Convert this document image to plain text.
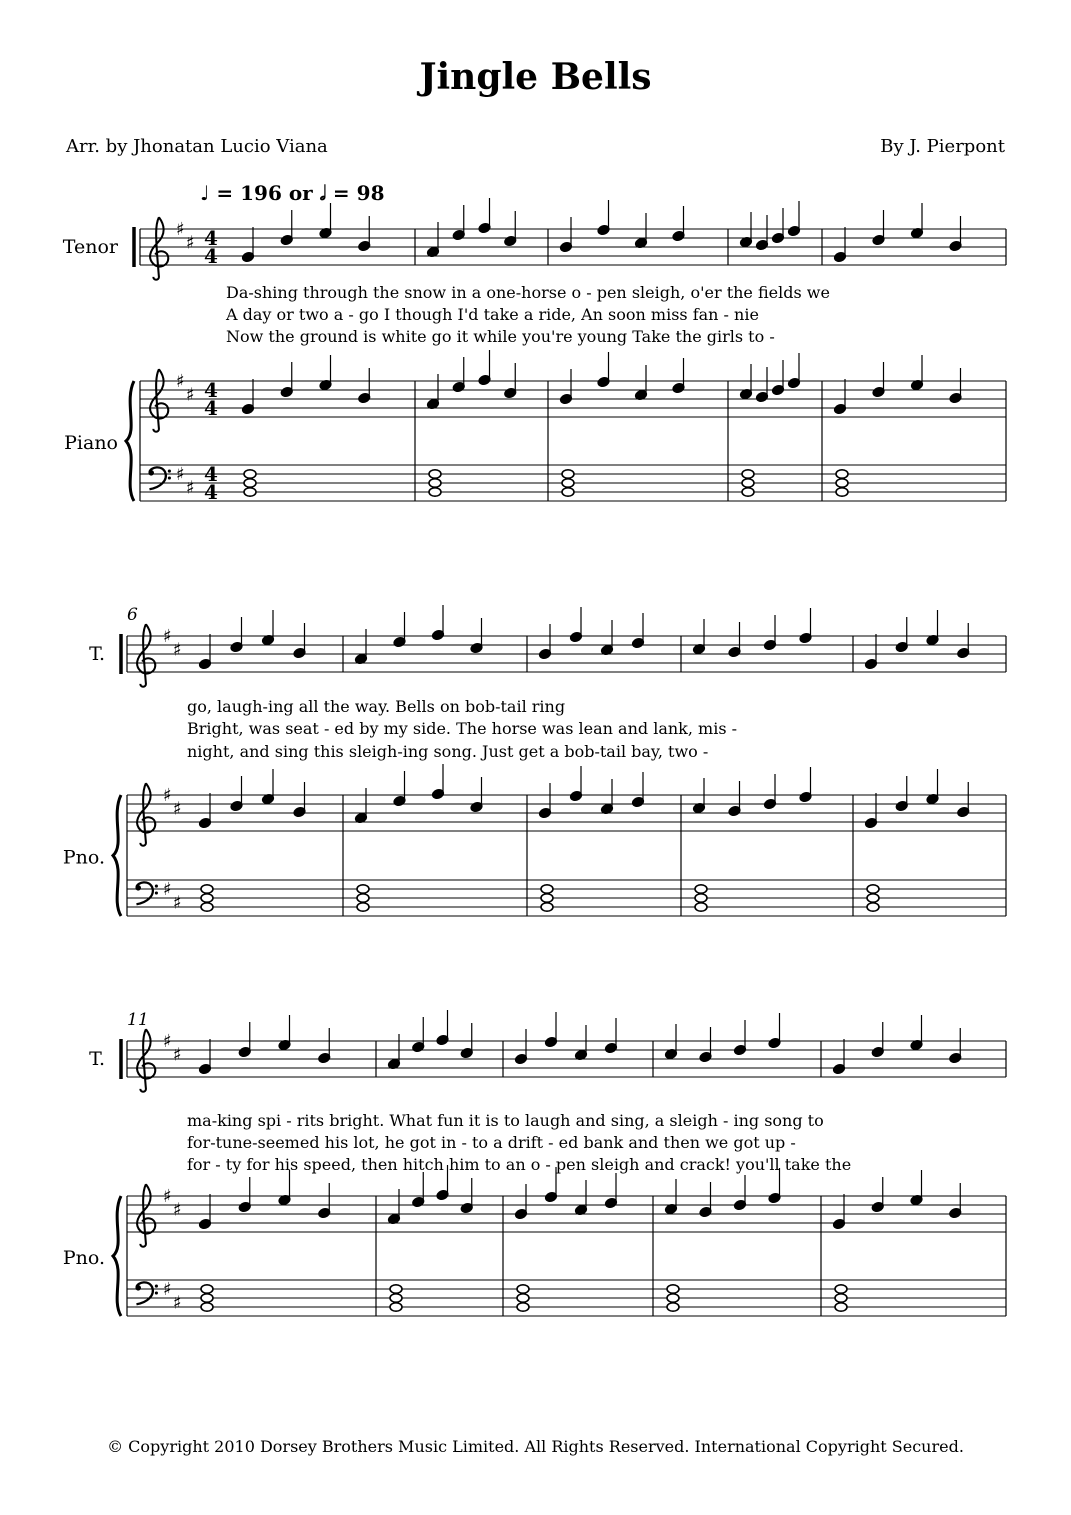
Jingle Bells
Arr. by Jhonatan Lucio Viana	By J. Pierpont
♩ = 196 or 𝅗𝅥 = 98
♯
♯
♯
♯
♯
♯
4
4
4
4
4
4
Tenor
Piano
♯
♯
♯
♯
♯
♯
T.
Pno.
6
♯
♯
♯
♯
♯
♯
T.
Pno.
11
Da-shing through the snow in a one-horse o - pen sleigh, o'er the fields we
A day or two a - go I though I'd take a ride, An soon miss fan - nie
Now the ground is white go it while you're young Take the girls to -
go, laugh-ing all the way. Bells on bob-tail ring
Bright, was seat - ed by my side. The horse was lean and lank, mis -
night, and sing this sleigh-ing song. Just get a bob-tail bay, two -
ma-king spi - rits bright. What fun it is to laugh and sing, a sleigh - ing song to
for-tune-seemed his lot, he got in - to a drift - ed bank and then we got up -
for - ty for his speed, then hitch him to an o - pen sleigh and crack! you'll take the
© Copyright 2010 Dorsey Brothers Music Limited. All Rights Reserved. International Copyright Secured.
